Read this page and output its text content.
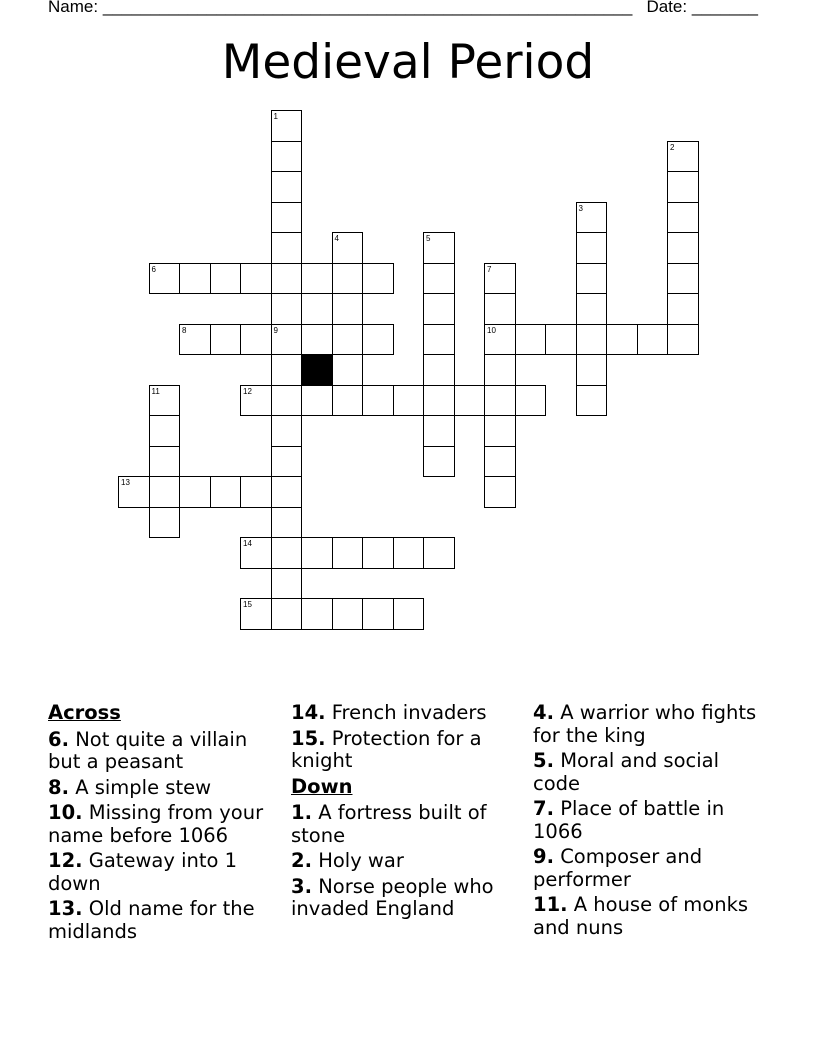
Name: ________________________________________________________ Date: _______
Medieval Period
1
2
3
4	5
6	7
8	9	10
11	12
13
14
15
Across
6. Not quite a villain but a peasant
8. A simple stew
10. Missing from your name before 1066
12. Gateway into 1 down
13. Old name for the midlands
14. French invaders
15. Protection for a knight
Down
1. A fortress built of stone
2. Holy war
3. Norse people who invaded England
4. A warrior who fights for the king
5. Moral and social code
7. Place of battle in 1066
9. Composer and performer
11. A house of monks and nuns
